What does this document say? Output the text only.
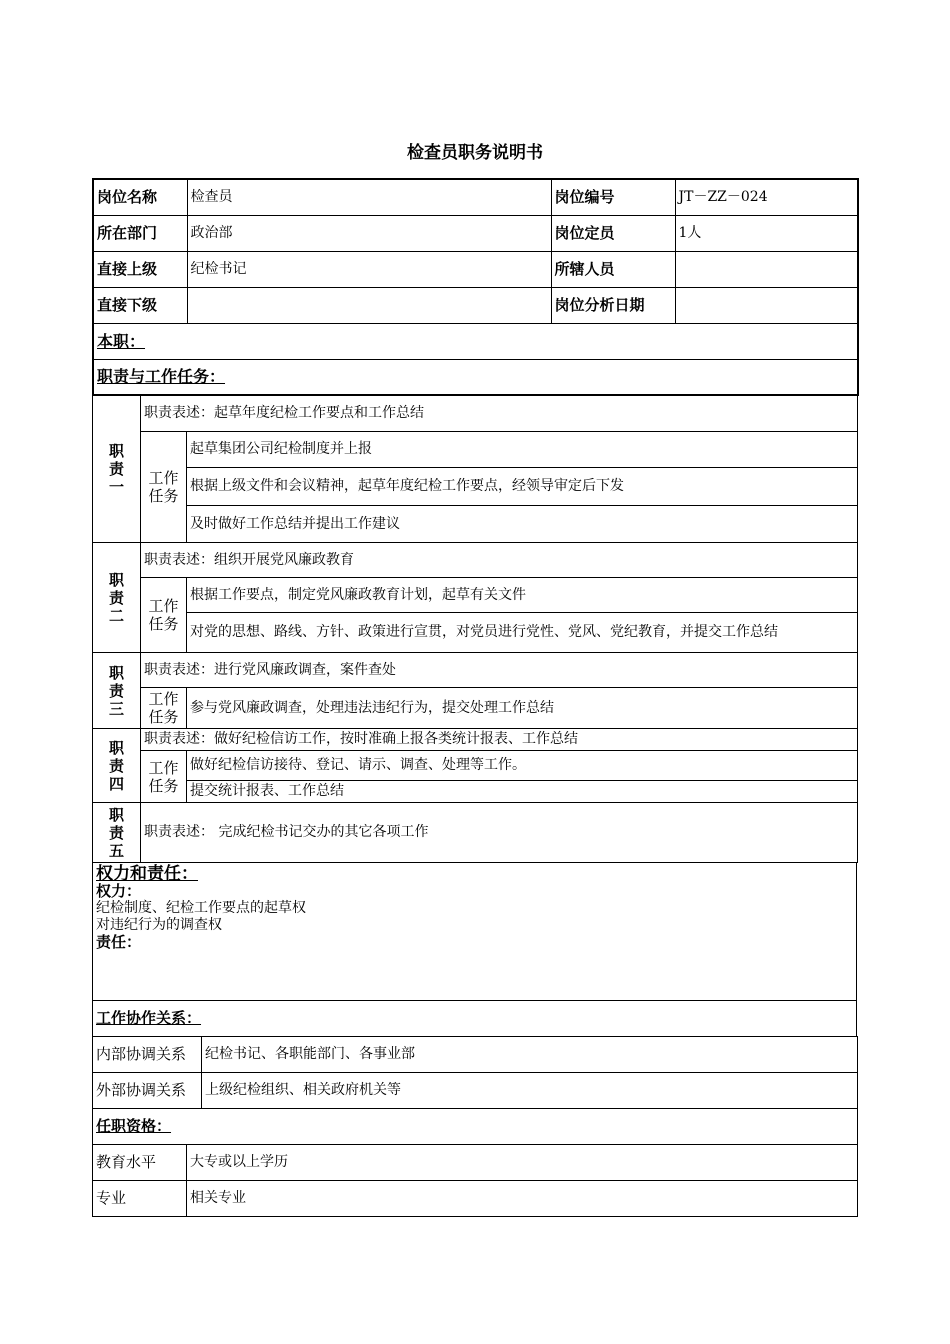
检查员职务说明书
岗位名称	检查员	岗位编号	JT－ZZ－024
所在部门	政治部	岗位定员	1人
直接上级	纪检书记	所辖人员	
直接下级		岗位分析日期	
本职：			
职责与工作任务：			
职
责
一	职责表述：起草年度纪检工作要点和工作总结	
	工作
任务	起草集团公司纪检制度并上报
		根据上级文件和会议精神，起草年度纪检工作要点，经领导审定后下发
		及时做好工作总结并提出工作建议
职
责
二	职责表述：组织开展党风廉政教育	
	工作
任务	根据工作要点，制定党风廉政教育计划，起草有关文件
		对党的思想、路线、方针、政策进行宣贯，对党员进行党性、党风、党纪教育，并提交工作总结
职
责
三	职责表述：进行党风廉政调查，案件查处	
	工作
任务	参与党风廉政调查，处理违法违纪行为，提交处理工作总结
职
责
四	职责表述：做好纪检信访工作，按时准确上报各类统计报表、工作总结	
	工作
任务	做好纪检信访接待、登记、请示、调查、处理等工作。
		提交统计报表、工作总结
职
责
五	职责表述： 完成纪检书记交办的其它各项工作	
权力和责任：
权力：
纪检制度、纪检工作要点的起草权
对违纪行为的调查权
责任：

工作协作关系：
内部协调关系	纪检书记、各职能部门、各事业部
外部协调关系	上级纪检组织、相关政府机关等
任职资格：	
教育水平	大专或以上学历
专业	相关专业
